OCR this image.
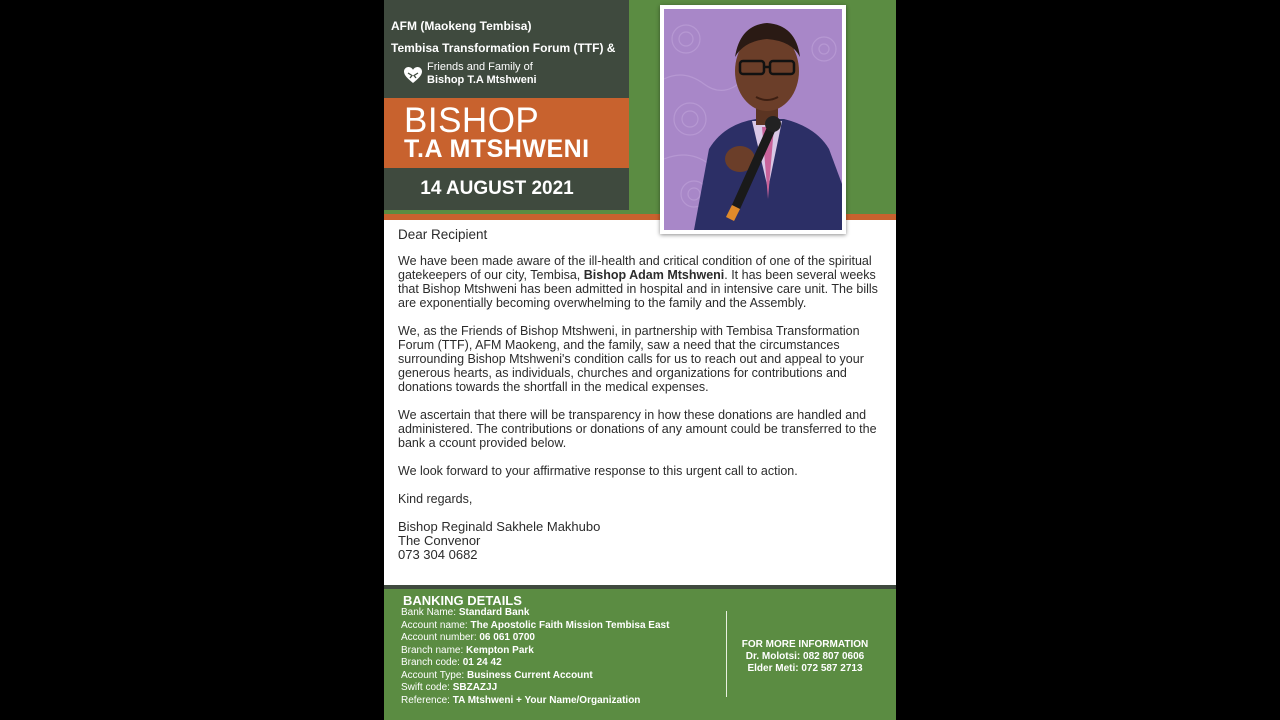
AFM (Maokeng Tembisa)
Tembisa Transformation Forum (TTF) &
Friends and Family of
Bishop T.A Mtshweni
BISHOP
T.A MTSHWENI
14 AUGUST 2021

Dear Recipient

We have been made aware of the ill-health and critical condition of one of the spiritual gatekeepers of our city, Tembisa, Bishop Adam Mtshweni. It has been several weeks that Bishop Mtshweni has been admitted in hospital and in intensive care unit. The bills are exponentially becoming overwhelming to the family and the Assembly.

We, as the Friends of Bishop Mtshweni, in partnership with Tembisa Transformation Forum (TTF), AFM Maokeng, and the family, saw a need that the circumstances surrounding Bishop Mtshweni's condition calls for us to reach out and appeal to your generous hearts, as individuals, churches and organizations for contributions and donations towards the shortfall in the medical expenses.

We ascertain that there will be transparency in how these donations are handled and administered. The contributions or donations of any amount could be transferred to the bank a ccount provided below.

We look forward to your affirmative response to this urgent call to action.

Kind regards,

Bishop Reginald Sakhele Makhubo
The Convenor
073 304 0682
BANKING DETAILS
Bank Name: Standard Bank
Account name: The Apostolic Faith Mission Tembisa East
Account number: 06 061 0700
Branch name: Kempton Park
Branch code: 01 24 42
Account Type: Business Current Account
Swift code: SBZAZJJ
Reference: TA Mtshweni + Your Name/Organization
FOR MORE INFORMATION
Dr. Molotsi: 082 807 0606
Elder Meti: 072 587 2713
